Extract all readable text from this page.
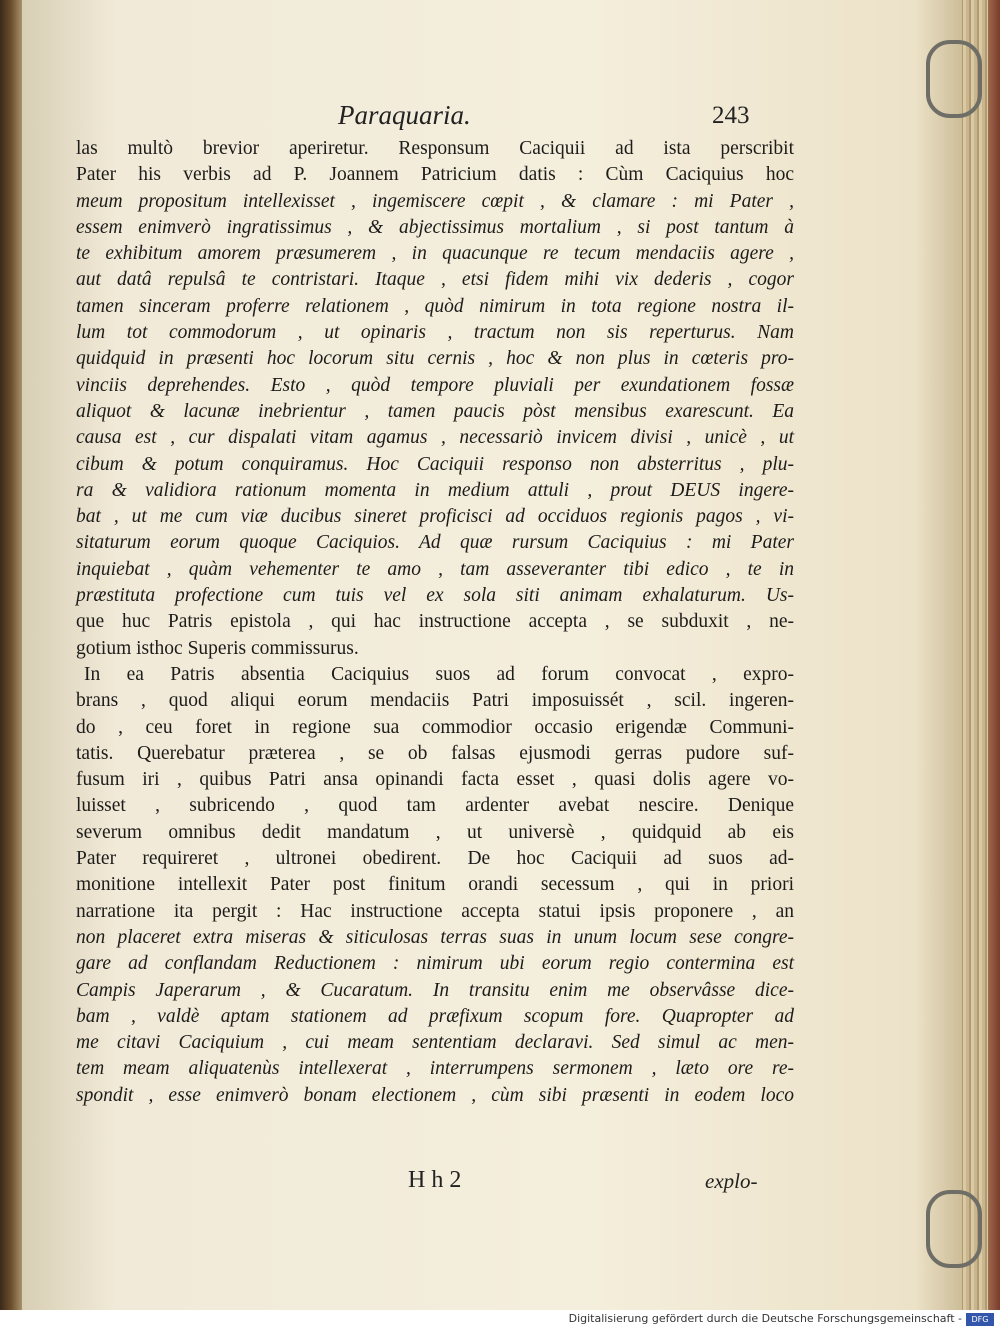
Paraquaria.	243
las multò brevior aperiretur. Responsum Caciquii ad ista perscribit
Pater his verbis ad P. Joannem Patricium datis : Cùm Caciquius hoc
meum propositum intellexisset , ingemiscere cœpit , & clamare : mi Pater ,
essem enimverò ingratissimus , & abjectissimus mortalium , si post tantum à
te exhibitum amorem præsumerem , in quacunque re tecum mendaciis agere ,
aut datâ repulsâ te contristari. Itaque , etsi fidem mihi vix dederis , cogor
tamen sinceram proferre relationem , quòd nimirum in tota regione nostra il-
lum tot commodorum , ut opinaris , tractum non sis reperturus. Nam
quidquid in præsenti hoc locorum situ cernis , hoc & non plus in cœteris pro-
vinciis deprehendes. Esto , quòd tempore pluviali per exundationem fossæ
aliquot & lacunæ inebrientur , tamen paucis pòst mensibus exarescunt. Ea
causa est , cur dispalati vitam agamus , necessariò invicem divisi , unicè , ut
cibum & potum conquiramus. Hoc Caciquii responso non absterritus , plu-
ra & validiora rationum momenta in medium attuli , prout DEUS ingere-
bat , ut me cum viæ ducibus sineret proficisci ad occiduos regionis pagos , vi-
sitaturum eorum quoque Caciquios. Ad quæ rursum Caciquius : mi Pater
inquiebat , quàm vehementer te amo , tam asseveranter tibi edico , te in
præstituta profectione cum tuis vel ex sola siti animam exhalaturum. Us-
que huc Patris epistola , qui hac instructione accepta , se subduxit , ne-
gotium isthoc Superis commissurus.
In ea Patris absentia Caciquius suos ad forum convocat , expro-
brans , quod aliqui eorum mendaciis Patri imposuissét , scil. ingeren-
do , ceu foret in regione sua commodior occasio erigendæ Communi-
tatis. Querebatur præterea , se ob falsas ejusmodi gerras pudore suf-
fusum iri , quibus Patri ansa opinandi facta esset , quasi dolis agere vo-
luisset , subricendo , quod tam ardenter avebat nescire. Denique
severum omnibus dedit mandatum , ut universè , quidquid ab eis
Pater requireret , ultronei obedirent. De hoc Caciquii ad suos ad-
monitione intellexit Pater post finitum orandi secessum , qui in priori
narratione ita pergit : Hac instructione accepta statui ipsis proponere , an
non placeret extra miseras & siticulosas terras suas in unum locum sese congre-
gare ad conflandam Reductionem : nimirum ubi eorum regio contermina est
Campis Japerarum , & Cucaratum. In transitu enim me observâsse dice-
bam , valdè aptam stationem ad præfixum scopum fore. Quapropter ad
me citavi Caciquium , cui meam sententiam declaravi. Sed simul ac men-
tem meam aliquatenùs intellexerat , interrumpens sermonem , læto ore re-
spondit , esse enimverò bonam electionem , cùm sibi præsenti in eodem loco
H h 2	explo-
Digitalisierung gefördert durch die Deutsche Forschungsgemeinschaft -	DFG
